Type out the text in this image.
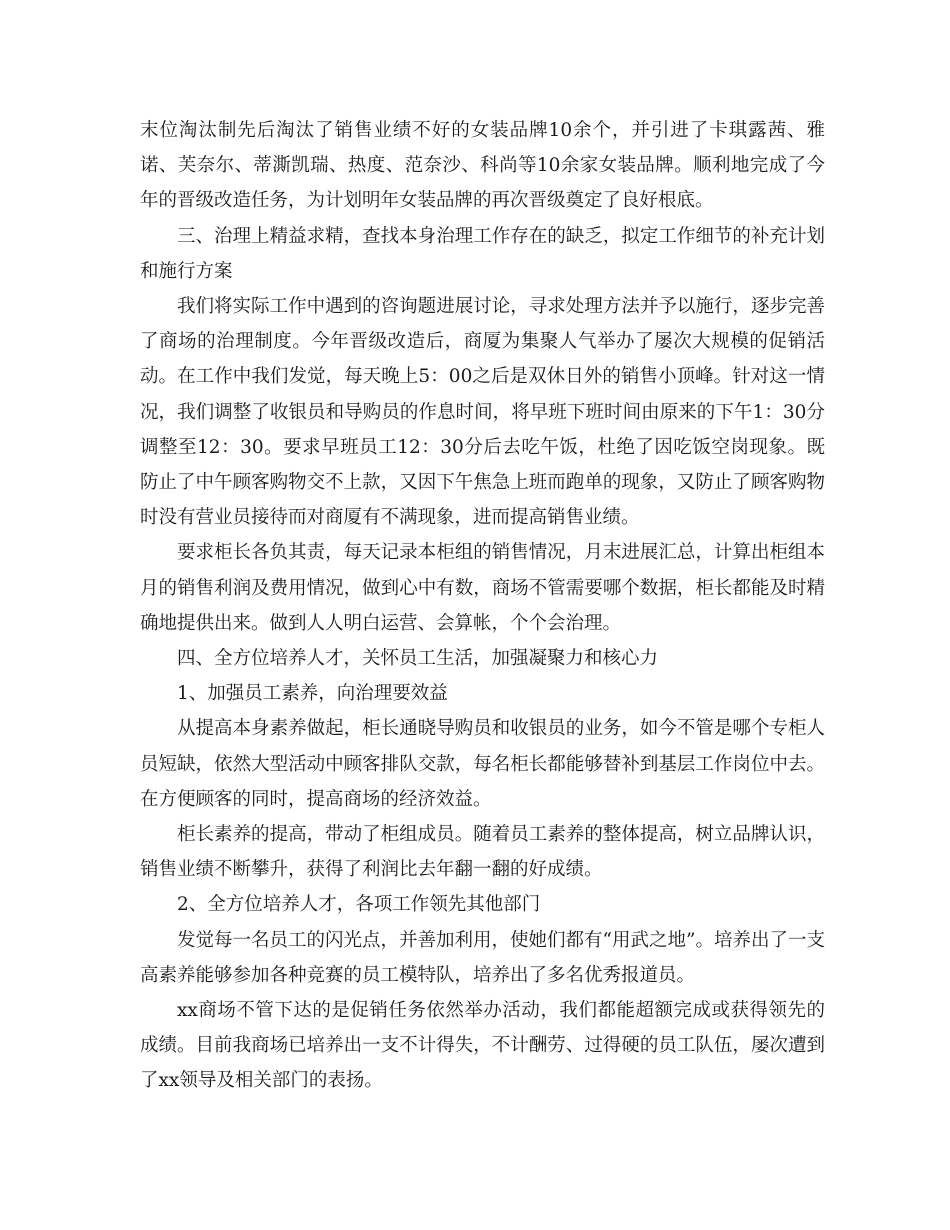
末位淘汰制先后淘汰了销售业绩不好的女装品牌10余个，并引进了卡琪露茜、雅诺、芙奈尔、蒂澌凯瑞、热度、范奈沙、科尚等10余家女装品牌。顺利地完成了今年的晋级改造任务，为计划明年女装品牌的再次晋级奠定了良好根底。

三、治理上精益求精，查找本身治理工作存在的缺乏，拟定工作细节的补充计划和施行方案

我们将实际工作中遇到的咨询题进展讨论，寻求处理方法并予以施行，逐步完善了商场的治理制度。今年晋级改造后，商厦为集聚人气举办了屡次大规模的促销活动。在工作中我们发觉，每天晚上5：00之后是双休日外的销售小顶峰。针对这一情况，我们调整了收银员和导购员的作息时间，将早班下班时间由原来的下午1：30分调整至12：30。要求早班员工12：30分后去吃午饭，杜绝了因吃饭空岗现象。既防止了中午顾客购物交不上款，又因下午焦急上班而跑单的现象，又防止了顾客购物时没有营业员接待而对商厦有不满现象，进而提高销售业绩。

要求柜长各负其责，每天记录本柜组的销售情况，月末进展汇总，计算出柜组本月的销售利润及费用情况，做到心中有数，商场不管需要哪个数据，柜长都能及时精确地提供出来。做到人人明白运营、会算帐，个个会治理。

四、全方位培养人才，关怀员工生活，加强凝聚力和核心力

1、加强员工素养，向治理要效益

从提高本身素养做起，柜长通晓导购员和收银员的业务，如今不管是哪个专柜人员短缺，依然大型活动中顾客排队交款，每名柜长都能够替补到基层工作岗位中去。在方便顾客的同时，提高商场的经济效益。

柜长素养的提高，带动了柜组成员。随着员工素养的整体提高，树立品牌认识，销售业绩不断攀升，获得了利润比去年翻一翻的好成绩。

2、全方位培养人才，各项工作领先其他部门

发觉每一名员工的闪光点，并善加利用，使她们都有“用武之地”。培养出了一支高素养能够参加各种竞赛的员工模特队，培养出了多名优秀报道员。

xx商场不管下达的是促销任务依然举办活动，我们都能超额完成或获得领先的成绩。目前我商场已培养出一支不计得失，不计酬劳、过得硬的员工队伍，屡次遭到了xx领导及相关部门的表扬。
